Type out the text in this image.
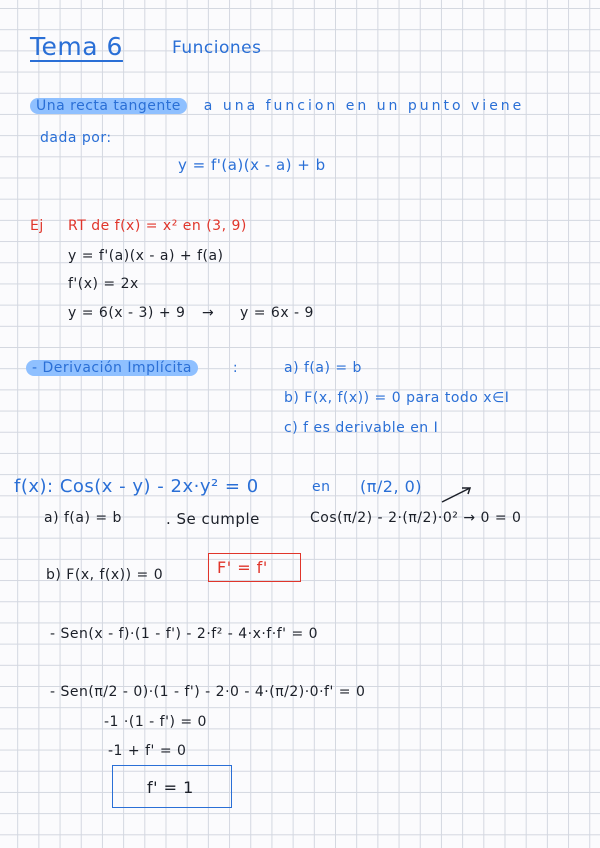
Tema 6	Funciones
Una recta tangente a una funcion en un punto viene
dada por:
y = f'(a)(x - a) + b
Ej RT de f(x) = x² en (3, 9)
y = f'(a)(x - a) + f(a)
f'(x) = 2x
y = 6(x - 3) + 9 → y = 6x - 9
- Derivación Implícita	:	a) f(a) = b
b) F(x, f(x)) = 0 para todo x∈I
c) f es derivable en I
f(x): Cos(x - y) - 2x·y² = 0	en (π/2, 0)
a) f(a) = b	. Se cumple	Cos(π/2) - 2·(π/2)·0² → 0 = 0
b) F(x, f(x)) = 0	F' = f'
- Sen(x - f)·(1 - f') - 2·f² - 4·x·f·f' = 0
- Sen(π/2 - 0)·(1 - f') - 2·0 - 4·(π/2)·0·f' = 0
-1 ·(1 - f') = 0
-1 + f' = 0
f' = 1
